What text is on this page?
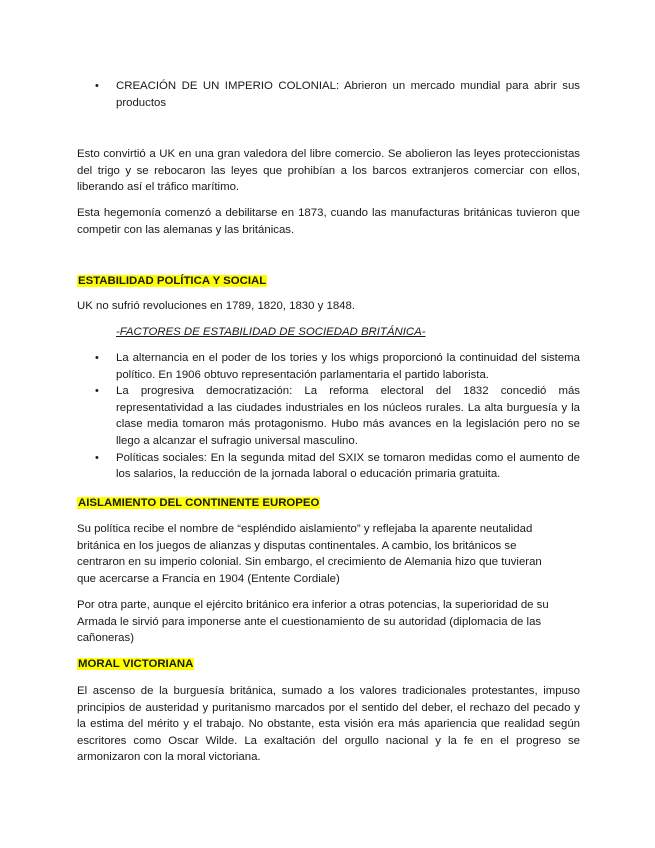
• CREACIÓN DE UN IMPERIO COLONIAL: Abrieron un mercado mundial para abrir sus productos

Esto convirtió a UK en una gran valedora del libre comercio. Se abolieron las leyes proteccionistas del trigo y se rebocaron las leyes que prohibían a los barcos extranjeros comerciar con ellos, liberando así el tráfico marítimo.

Esta hegemonía comenzó a debilitarse en 1873, cuando las manufacturas británicas tuvieron que competir con las alemanas y las británicas.

ESTABILIDAD POLÍTICA Y SOCIAL

UK no sufrió revoluciones en 1789, 1820, 1830 y 1848.

-FACTORES DE ESTABILIDAD DE SOCIEDAD BRITÁNICA-

• La alternancia en el poder de los tories y los whigs proporcionó la continuidad del sistema político. En 1906 obtuvo representación parlamentaria el partido laborista.
• La progresiva democratización: La reforma electoral del 1832 concedió más representatividad a las ciudades industriales en los núcleos rurales. La alta burguesía y la clase media tomaron más protagonismo. Hubo más avances en la legislación pero no se llego a alcanzar el sufragio universal masculino.
• Políticas sociales: En la segunda mitad del SXIX se tomaron medidas como el aumento de los salarios, la reducción de la jornada laboral o educación primaria gratuita.
AISLAMIENTO DEL CONTINENTE EUROPEO

Su política recibe el nombre de “espléndido aislamiento” y reflejaba la aparente neutalidad británica en los juegos de alianzas y disputas continentales. A cambio, los británicos se centraron en su imperio colonial. Sin embargo, el crecimiento de Alemania hizo que tuvieran que acercarse a Francia en 1904 (Entente Cordiale)

Por otra parte, aunque el ejército británico era inferior a otras potencias, la superioridad de su Armada le sirvió para imponerse ante el cuestionamiento de su autoridad (diplomacia de las cañoneras)

MORAL VICTORIANA

El ascenso de la burguesía británica, sumado a los valores tradicionales protestantes, impuso principios de austeridad y puritanismo marcados por el sentido del deber, el rechazo del pecado y la estima del mérito y el trabajo. No obstante, esta visión era más apariencia que realidad según escritores como Oscar Wilde. La exaltación del orgullo nacional y la fe en el progreso se armonizaron con la moral victoriana.
